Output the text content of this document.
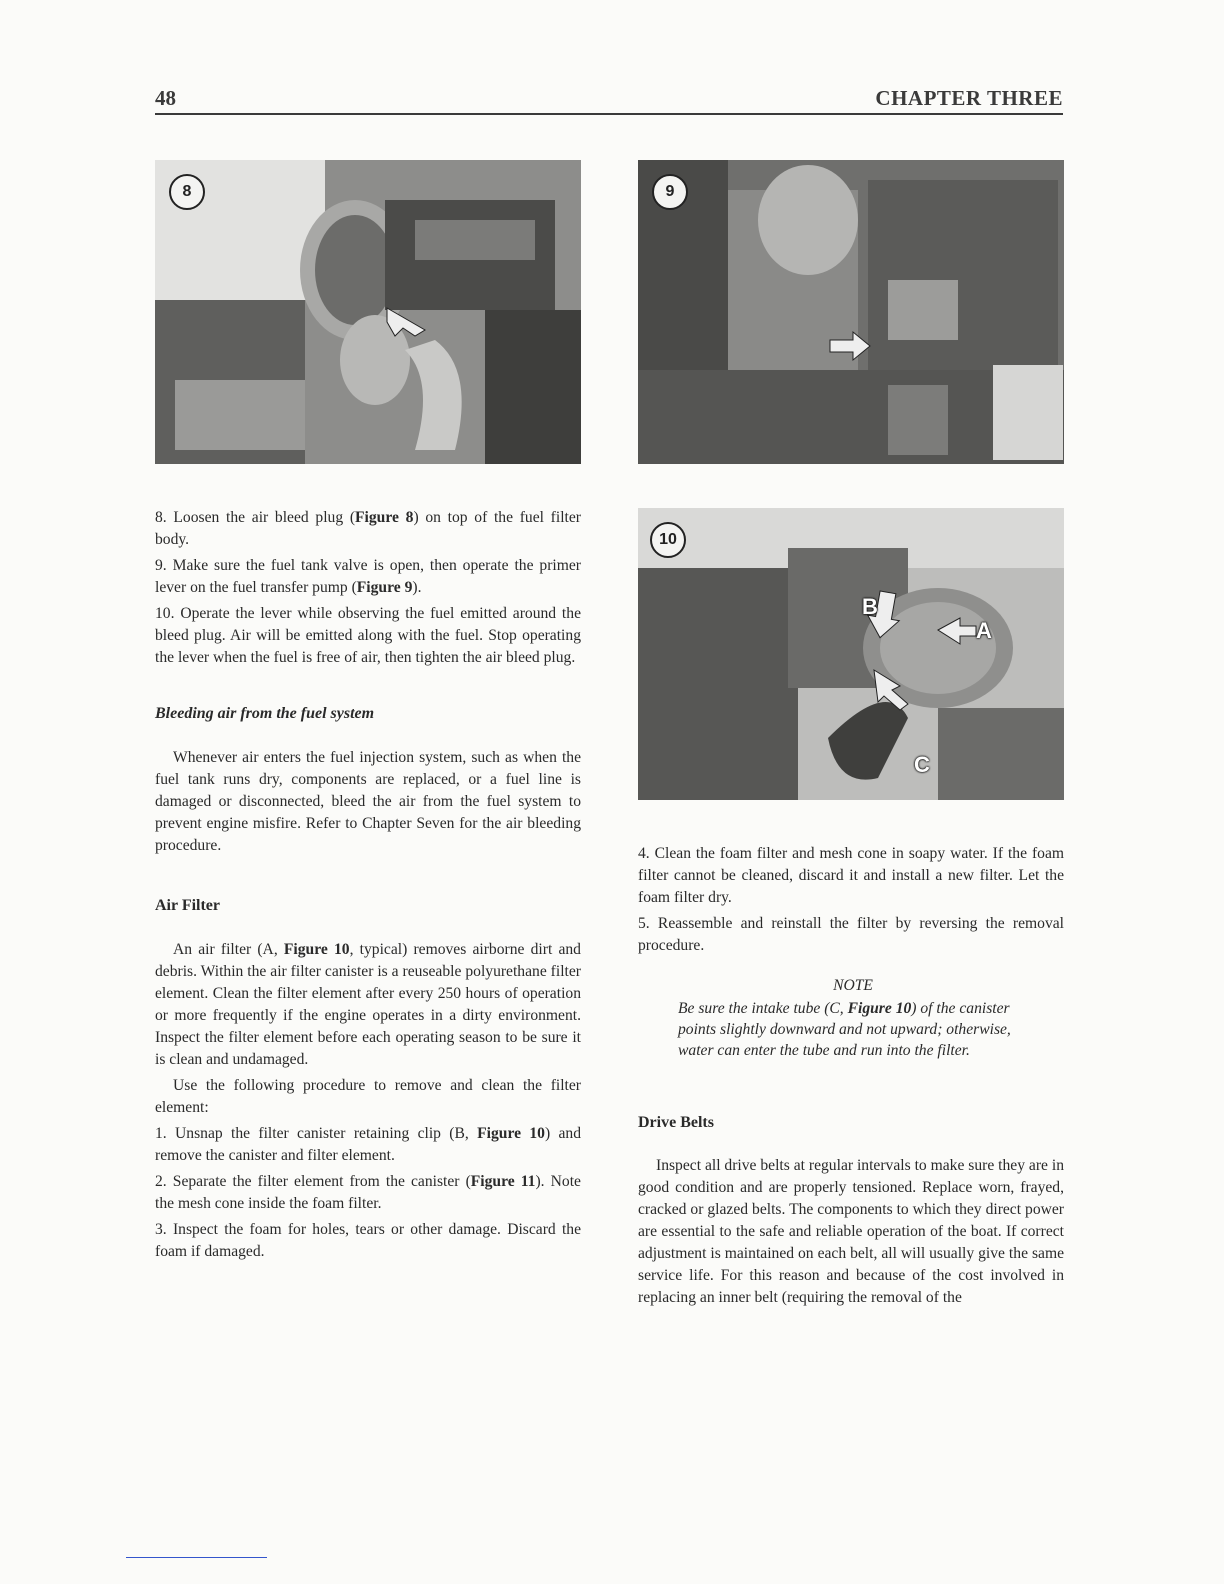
48	CHAPTER THREE
8	9
10
B
A
C

8. Loosen the air bleed plug (Figure 8) on top of the fuel filter body.

9. Make sure the fuel tank valve is open, then operate the primer lever on the fuel transfer pump (Figure 9).

10. Operate the lever while observing the fuel emitted around the bleed plug. Air will be emitted along with the fuel. Stop operating the lever when the fuel is free of air, then tighten the air bleed plug.

Bleeding air from the fuel system

Whenever air enters the fuel injection system, such as when the fuel tank runs dry, components are replaced, or a fuel line is damaged or disconnected, bleed the air from the fuel system to prevent engine misfire. Refer to Chapter Seven for the air bleeding procedure.

Air Filter

An air filter (A, Figure 10, typical) removes airborne dirt and debris. Within the air filter canister is a reuseable polyurethane filter element. Clean the filter element after every 250 hours of operation or more frequently if the engine operates in a dirty environment. Inspect the filter element before each operating season to be sure it is clean and undamaged.

Use the following procedure to remove and clean the filter element:

1. Unsnap the filter canister retaining clip (B, Figure 10) and remove the canister and filter element.

2. Separate the filter element from the canister (Figure 11). Note the mesh cone inside the foam filter.

3. Inspect the foam for holes, tears or other damage. Discard the foam if damaged.

4. Clean the foam filter and mesh cone in soapy water. If the foam filter cannot be cleaned, discard it and install a new filter. Let the foam filter dry.

5. Reassemble and reinstall the filter by reversing the removal procedure.

NOTE
Be sure the intake tube (C, Figure 10) of the canister points slightly downward and not upward; otherwise, water can enter the tube and run into the filter.
Drive Belts

Inspect all drive belts at regular intervals to make sure they are in good condition and are properly tensioned. Replace worn, frayed, cracked or glazed belts. The components to which they direct power are essential to the safe and reliable operation of the boat. If correct adjustment is maintained on each belt, all will usually give the same service life. For this reason and because of the cost involved in replacing an inner belt (requiring the removal of the
